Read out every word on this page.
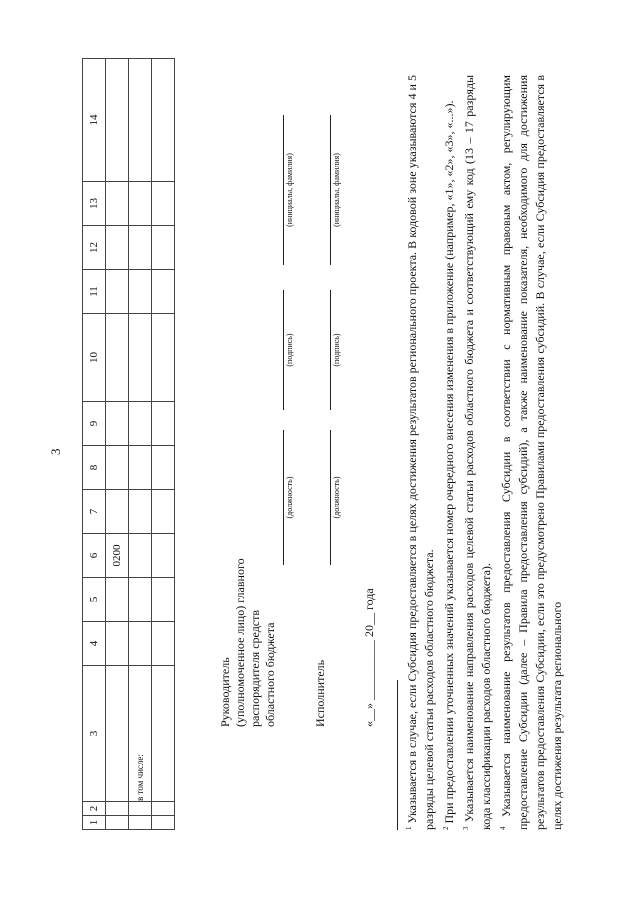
3
1	2	3	4	5	6	7	8	9	10	11	12	13	14
					0200								
		в том числе:											

Руководитель (уполномоченное лицо) главного распорядителя средств областного бюджета
(должность)
(подпись)
(инициалы, фамилия)
Исполнитель
(должность)
(подпись)
(инициалы, фамилия)
«__» __________ 20__ года
$^1$ Указывается в случае, если Субсидия предоставляется в целях достижения результатов регионального проекта. В кодовой зоне указываются 4 и 5 разряды целевой статьи расходов областного бюджета. $^2$ При предоставлении уточненных значений указывается номер очередного внесения изменения в приложение (например, «1», «2», «3», «...»).
$^3$ Указывается наименование направления расходов целевой статьи расходов областного бюджета и соответствующий ему код (13 – 17 разряды кода классификации расходов областного бюджета). $^4$ Указывается наименование результатов предоставления Субсидии в соответствии с нормативным правовым актом, регулирующим предоставление Субсидии (далее – Правила предоставления субсидий), а также наименование показателя, необходимого для достижения результатов предоставления Субсидии, если это предусмотрено Правилами предоставления субсидий. В случае, если Субсидия предоставляется в целях достижения результата регионального
